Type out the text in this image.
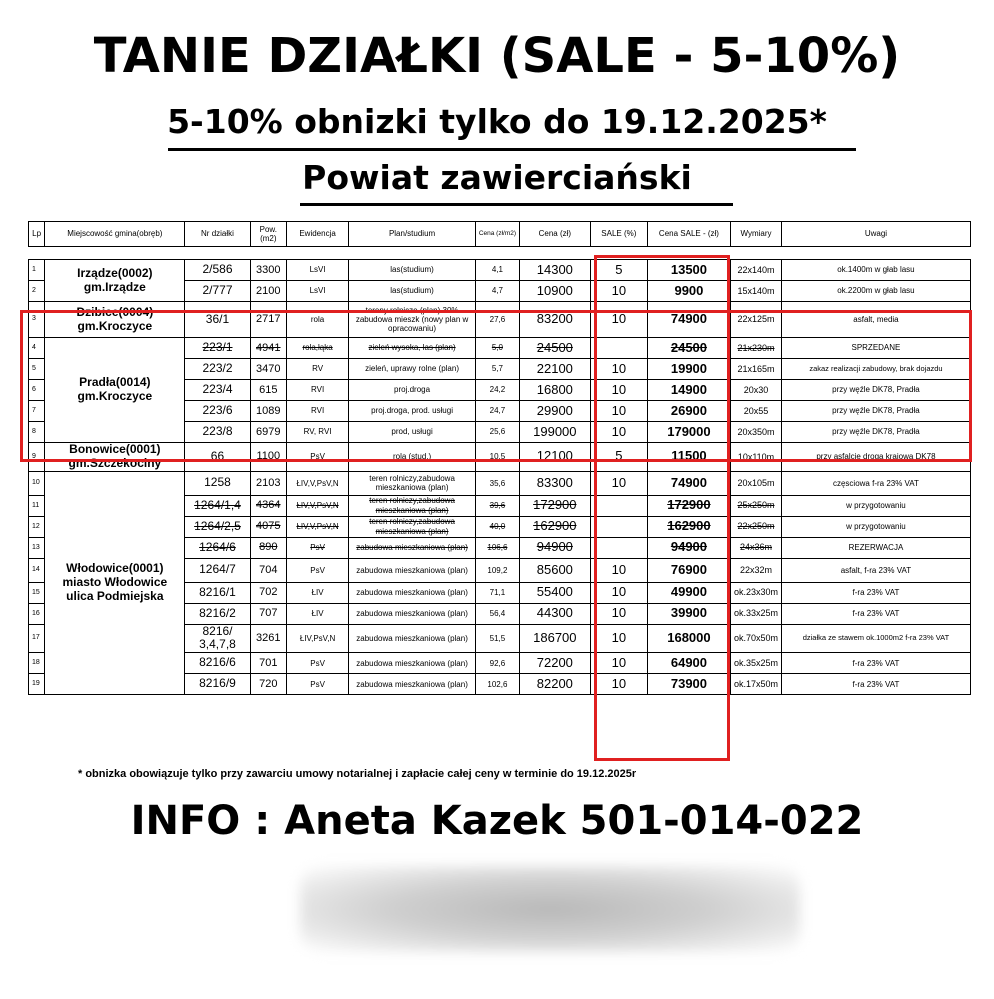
TANIE DZIAŁKI (SALE - 5-10%)
5-10% obnizki tylko do 19.12.2025*
Powiat zawierciański
Lp	Miejscowość gmina(obręb)	Nr działki	Pow. (m2)	Ewidencja	Plan/studium	Cena (zł/m2)	Cena (zł)	SALE (%)	Cena SALE - (zł)	Wymiary	Uwagi

1	Irządze(0002) gm.Irządze	2/586	3300	LsVI	las(studium)	4,1	14300	5	13500	22x140m	ok.1400m w głab lasu
2		2/777	2100	LsVI	las(studium)	4,7	10900	10	9900	15x140m	ok.2200m w głab lasu
3	Dzibice(0004) gm.Kroczyce	36/1	2717	rola	tereny rolnicze (plan) 30% zabudowa mieszk (nowy plan w opracowaniu)	27,6	83200	10	74900	22x125m	asfalt, media
4	Pradła(0014) gm.Kroczyce	223/1	4941	rola,łąka	zieleń wysoka, las (plan)	5,0	24500		24500	21x230m	SPRZEDANE
5		223/2	3470	RV	zieleń, uprawy rolne (plan)	5,7	22100	10	19900	21x165m	zakaz realizacji zabudowy, brak dojazdu
6		223/4	615	RVI	proj.droga	24,2	16800	10	14900	20x30	przy węźle DK78, Pradła
7		223/6	1089	RVI	proj.droga, prod. usługi	24,7	29900	10	26900	20x55	przy węźle DK78, Pradła
8		223/8	6979	RV, RVI	prod, usługi	25,6	199000	10	179000	20x350m	przy węźle DK78, Pradła
9	Bonowice(0001) gm.Szczekociny	66	1100	PsV	rola (stud.)	10,5	12100	5	11500	10x110m	przy asfalcie droga krajowa DK78
10	Włodowice(0001) miasto Włodowice ulica Podmiejska	1258	2103	ŁIV,V,PsV,N	teren rolniczy,zabudowa mieszkaniowa (plan)	35,6	83300	10	74900	20x105m	częsciowa f-ra 23% VAT
11		1264/1,4	4364	ŁIV,V,PsV,N	teren rolniczy,zabudowa mieszkaniowa (plan)	39,6	172900		172900	25x250m	w przygotowaniu
12		1264/2,5	4075	ŁIV,V,PsV,N	teren rolniczy,zabudowa mieszkaniowa (plan)	40,0	162900		162900	22x250m	w przygotowaniu
13		1264/6	890	PsV	zabudowa mieszkaniowa (plan)	106,6	94900		94900	24x36m	REZERWACJA
14		1264/7	704	PsV	zabudowa mieszkaniowa (plan)	109,2	85600	10	76900	22x32m	asfalt, f-ra 23% VAT
15		8216/1	702	ŁIV	zabudowa mieszkaniowa (plan)	71,1	55400	10	49900	ok.23x30m	f-ra 23% VAT
16		8216/2	707	ŁIV	zabudowa mieszkaniowa (plan)	56,4	44300	10	39900	ok.33x25m	f-ra 23% VAT
17		8216/ 3,4,7,8	3261	ŁIV,PsV,N	zabudowa mieszkaniowa (plan)	51,5	186700	10	168000	ok.70x50m	działka ze stawem ok.1000m2 f-ra 23% VAT
18		8216/6	701	PsV	zabudowa mieszkaniowa (plan)	92,6	72200	10	64900	ok.35x25m	f-ra 23% VAT
19		8216/9	720	PsV	zabudowa mieszkaniowa (plan)	102,6	82200	10	73900	ok.17x50m	f-ra 23% VAT
* obnizka obowiązuje tylko przy zawarciu umowy notarialnej i zapłacie całej ceny w terminie do 19.12.2025r
INFO : Aneta Kazek 501-014-022
